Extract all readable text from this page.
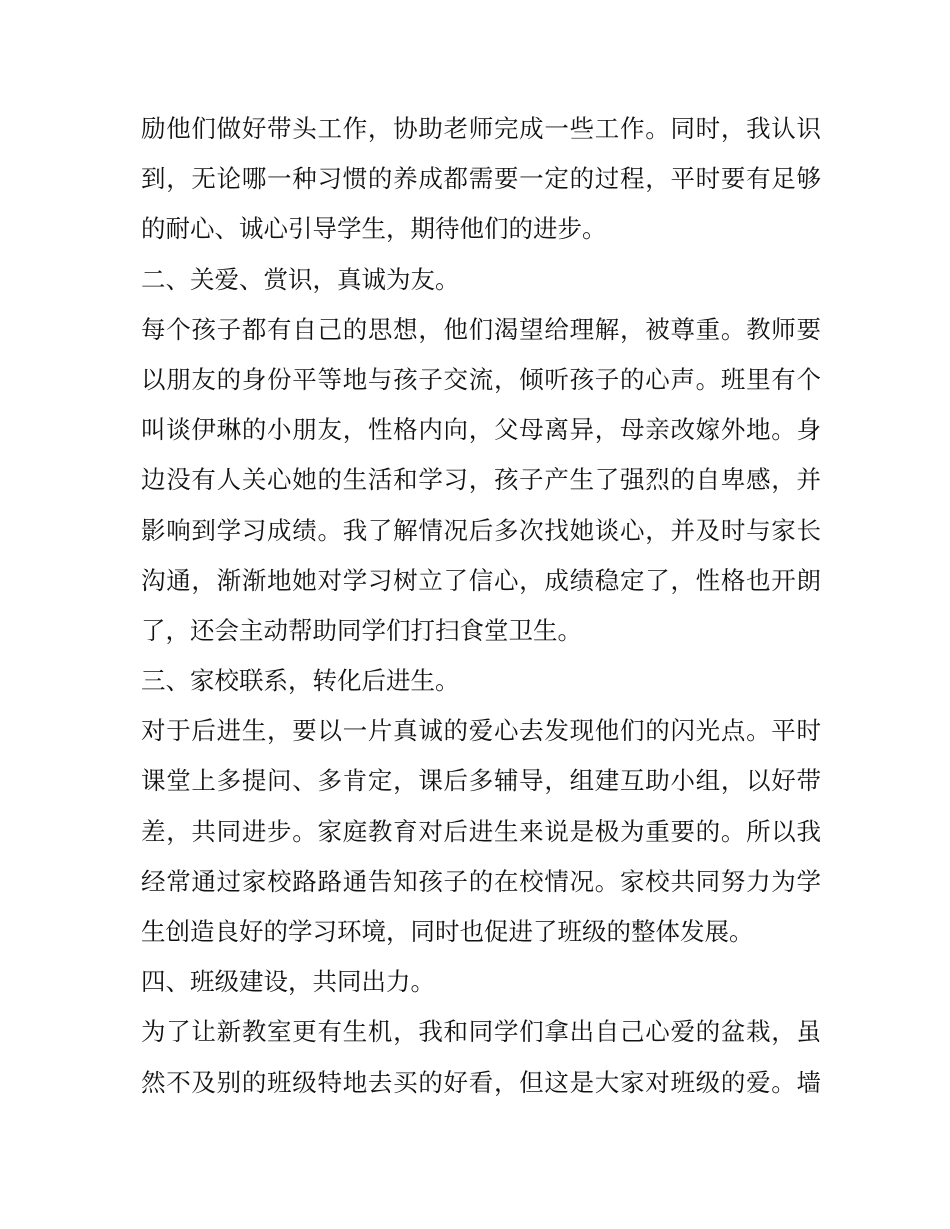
励他们做好带头工作，协助老师完成一些工作。同时，我认识
到，无论哪一种习惯的养成都需要一定的过程，平时要有足够
的耐心、诚心引导学生，期待他们的进步。
二、关爱、赏识，真诚为友。
每个孩子都有自己的思想，他们渴望给理解，被尊重。教师要
以朋友的身份平等地与孩子交流，倾听孩子的心声。班里有个
叫谈伊琳的小朋友，性格内向，父母离异，母亲改嫁外地。身
边没有人关心她的生活和学习，孩子产生了强烈的自卑感，并
影响到学习成绩。我了解情况后多次找她谈心，并及时与家长
沟通，渐渐地她对学习树立了信心，成绩稳定了，性格也开朗
了，还会主动帮助同学们打扫食堂卫生。
三、家校联系，转化后进生。
对于后进生，要以一片真诚的爱心去发现他们的闪光点。平时
课堂上多提问、多肯定，课后多辅导，组建互助小组，以好带
差，共同进步。家庭教育对后进生来说是极为重要的。所以我
经常通过家校路路通告知孩子的在校情况。家校共同努力为学
生创造良好的学习环境，同时也促进了班级的整体发展。
四、班级建设，共同出力。
为了让新教室更有生机，我和同学们拿出自己心爱的盆栽，虽
然不及别的班级特地去买的好看，但这是大家对班级的爱。墙
